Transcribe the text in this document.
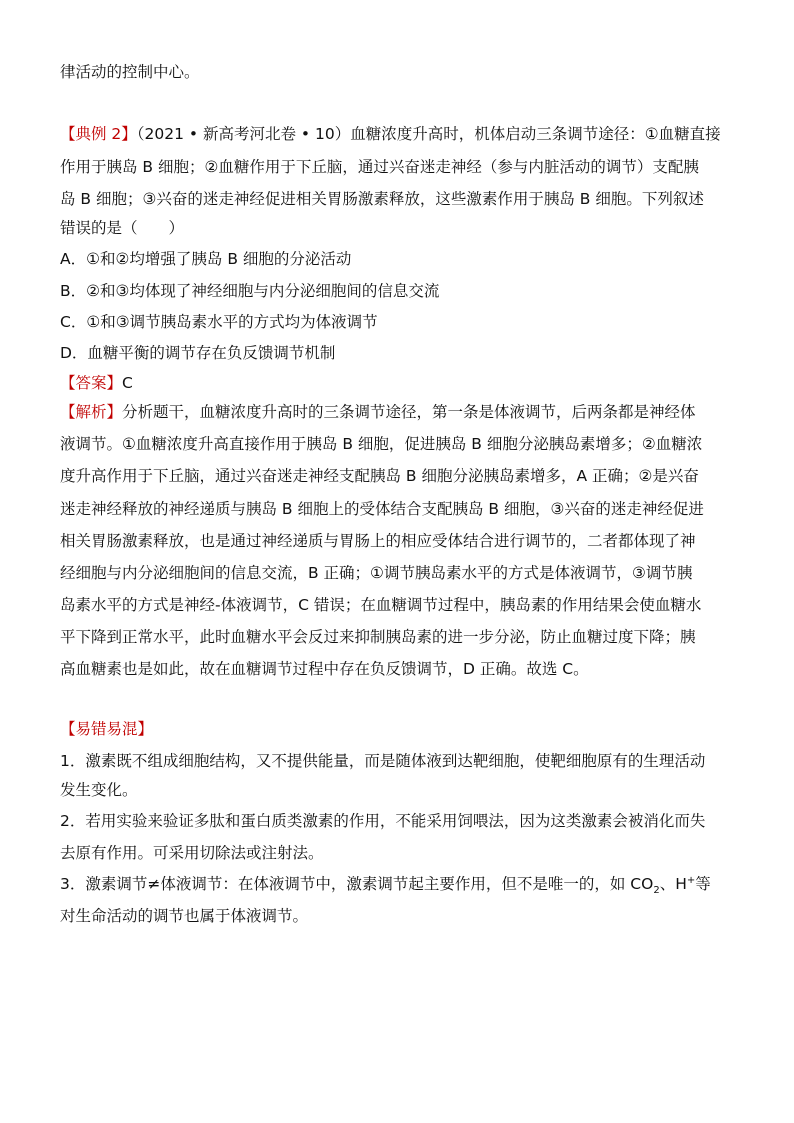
律活动的控制中心。
【典例 2】（2021 • 新高考河北卷 • 10）血糖浓度升高时，机体启动三条调节途径：①血糖直接
作用于胰岛 B 细胞；②血糖作用于下丘脑，通过兴奋迷走神经（参与内脏活动的调节）支配胰
岛 B 细胞；③兴奋的迷走神经促进相关胃肠激素释放，这些激素作用于胰岛 B 细胞。下列叙述
错误的是（　　）
A．①和②均增强了胰岛 B 细胞的分泌活动
B．②和③均体现了神经细胞与内分泌细胞间的信息交流
C．①和③调节胰岛素水平的方式均为体液调节
D．血糖平衡的调节存在负反馈调节机制
【答案】C
【解析】分析题干，血糖浓度升高时的三条调节途径，第一条是体液调节，后两条都是神经体
液调节。①血糖浓度升高直接作用于胰岛 B 细胞，促进胰岛 B 细胞分泌胰岛素增多；②血糖浓
度升高作用于下丘脑，通过兴奋迷走神经支配胰岛 B 细胞分泌胰岛素增多，A 正确；②是兴奋
迷走神经释放的神经递质与胰岛 B 细胞上的受体结合支配胰岛 B 细胞，③兴奋的迷走神经促进
相关胃肠激素释放，也是通过神经递质与胃肠上的相应受体结合进行调节的，二者都体现了神
经细胞与内分泌细胞间的信息交流，B 正确；①调节胰岛素水平的方式是体液调节，③调节胰
岛素水平的方式是神经-体液调节，C 错误；在血糖调节过程中，胰岛素的作用结果会使血糖水
平下降到正常水平，此时血糖水平会反过来抑制胰岛素的进一步分泌，防止血糖过度下降；胰
高血糖素也是如此，故在血糖调节过程中存在负反馈调节，D 正确。故选 C。
【易错易混】
1．激素既不组成细胞结构，又不提供能量，而是随体液到达靶细胞，使靶细胞原有的生理活动
发生变化。
2．若用实验来验证多肽和蛋白质类激素的作用，不能采用饲喂法，因为这类激素会被消化而失
去原有作用。可采用切除法或注射法。
3．激素调节≠体液调节：在体液调节中，激素调节起主要作用，但不是唯一的，如 $CO_2$、H+等
对生命活动的调节也属于体液调节。
